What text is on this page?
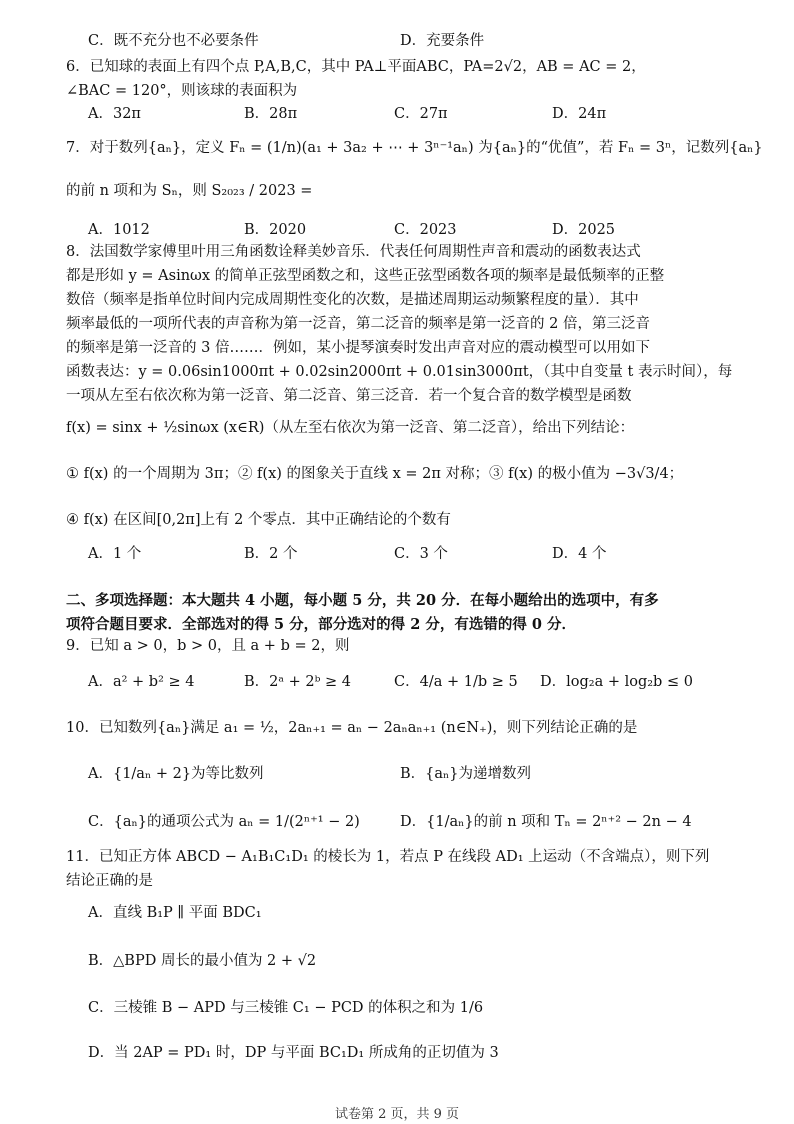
C．既不充分也不必要条件	D．充要条件
6．已知球的表面上有四个点 P,A,B,C，其中 PA⊥平面ABC，PA=2√2，AB = AC = 2，
∠BAC = 120°，则该球的表面积为
A．32π	B．28π	C．27π	D．24π
7．对于数列{aₙ}，定义 Fₙ = (1/n)(a₁ + 3a₂ + ⋯ + 3ⁿ⁻¹aₙ) 为{aₙ}的“优值”，若 Fₙ = 3ⁿ，记数列{aₙ}
的前 n 项和为 Sₙ，则 S₂₀₂₃ / 2023 =
A．1012	B．2020	C．2023	D．2025
8．法国数学家傅里叶用三角函数诠释美妙音乐．代表任何周期性声音和震动的函数表达式
都是形如 y = Asinωx 的简单正弦型函数之和，这些正弦型函数各项的频率是最低频率的正整
数倍（频率是指单位时间内完成周期性变化的次数，是描述周期运动频繁程度的量）．其中
频率最低的一项所代表的声音称为第一泛音，第二泛音的频率是第一泛音的 2 倍，第三泛音
的频率是第一泛音的 3 倍……．例如，某小提琴演奏时发出声音对应的震动模型可以用如下
函数表达：y = 0.06sin1000πt + 0.02sin2000πt + 0.01sin3000πt，（其中自变量 t 表示时间），每
一项从左至右依次称为第一泛音、第二泛音、第三泛音．若一个复合音的数学模型是函数
f(x) = sinx + ½sinωx (x∈R)（从左至右依次为第一泛音、第二泛音），给出下列结论：
① f(x) 的一个周期为 3π；② f(x) 的图象关于直线 x = 2π 对称；③ f(x) 的极小值为 −3√3/4；
④ f(x) 在区间[0,2π]上有 2 个零点．其中正确结论的个数有
A．1 个	B．2 个	C．3 个	D．4 个
二、多项选择题：本大题共 4 小题，每小题 5 分，共 20 分．在每小题给出的选项中，有多
项符合题目要求．全部选对的得 5 分，部分选对的得 2 分，有选错的得 0 分．
9．已知 a > 0，b > 0，且 a + b = 2，则
A．a² + b² ≥ 4	B．2ᵃ + 2ᵇ ≥ 4	C．4/a + 1/b ≥ 5 D．log₂a + log₂b ≤ 0
10．已知数列{aₙ}满足 a₁ = ½，2aₙ₊₁ = aₙ − 2aₙaₙ₊₁ (n∈N₊)，则下列结论正确的是
A．{1/aₙ + 2}为等比数列	B．{aₙ}为递增数列
C．{aₙ}的通项公式为 aₙ = 1/(2ⁿ⁺¹ − 2)	D．{1/aₙ}的前 n 项和 Tₙ = 2ⁿ⁺² − 2n − 4
11．已知正方体 ABCD − A₁B₁C₁D₁ 的棱长为 1，若点 P 在线段 AD₁ 上运动（不含端点），则下列
结论正确的是
A．直线 B₁P ∥ 平面 BDC₁
B．△BPD 周长的最小值为 2 + √2
C．三棱锥 B − APD 与三棱锥 C₁ − PCD 的体积之和为 1/6
D．当 2AP = PD₁ 时，DP 与平面 BC₁D₁ 所成角的正切值为 3
试卷第 2 页，共 9 页
